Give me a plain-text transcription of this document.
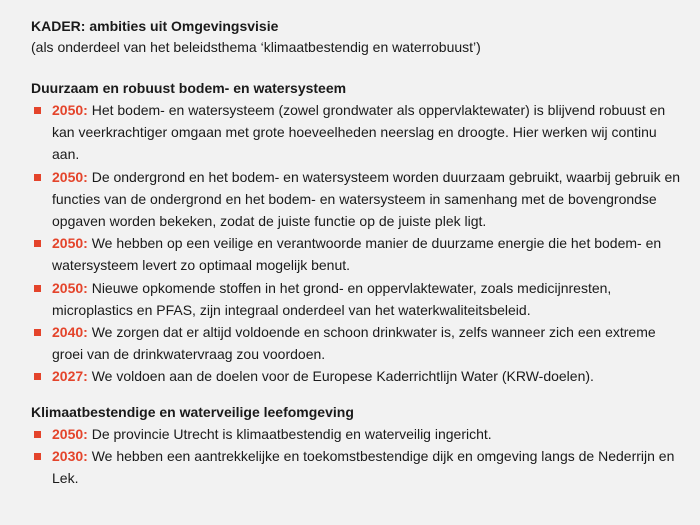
KADER: ambities uit Omgevingsvisie
(als onderdeel van het beleidsthema ‘klimaatbestendig en waterrobuust’)
Duurzaam en robuust bodem- en watersysteem
2050: Het bodem- en watersysteem (zowel grondwater als oppervlaktewater) is blijvend robuust en kan veerkrachtiger omgaan met grote hoeveelheden neerslag en droogte. Hier werken wij continu aan.
2050: De ondergrond en het bodem- en watersysteem worden duurzaam gebruikt, waarbij gebruik en functies van de ondergrond en het bodem- en watersysteem in samenhang met de bovengrondse opgaven worden bekeken, zodat de juiste functie op de juiste plek ligt.
2050: We hebben op een veilige en verantwoorde manier de duurzame energie die het bodem- en watersysteem levert zo optimaal mogelijk benut.
2050: Nieuwe opkomende stoffen in het grond- en oppervlaktewater, zoals medicijnresten, microplastics en PFAS, zijn integraal onderdeel van het waterkwaliteitsbeleid.
2040: We zorgen dat er altijd voldoende en schoon drinkwater is, zelfs wanneer zich een extreme groei van de drinkwatervraag zou voordoen.
2027: We voldoen aan de doelen voor de Europese Kaderrichtlijn Water (KRW-doelen).
Klimaatbestendige en waterveilige leefomgeving
2050: De provincie Utrecht is klimaatbestendig en waterveilig ingericht.
2030: We hebben een aantrekkelijke en toekomstbestendige dijk en omgeving langs de Nederrijn en Lek.
